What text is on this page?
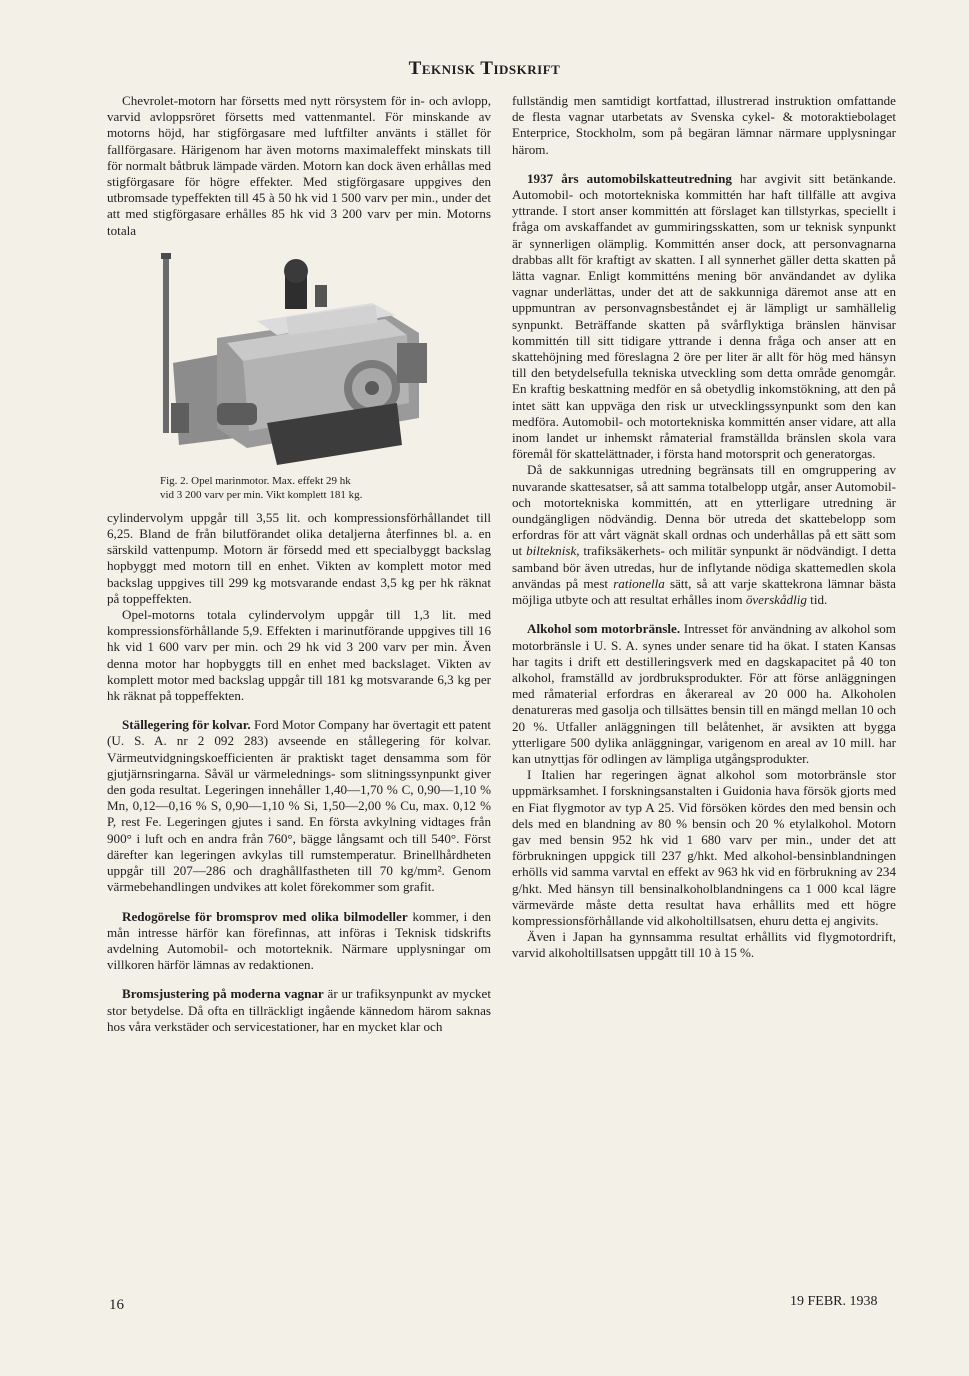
Teknisk Tidskrift

Chevrolet-motorn har försetts med nytt rörsystem för in- och avlopp, varvid avloppsröret försetts med vattenmantel. För minskande av motorns höjd, har stigförgasare med luftfilter använts i stället för fallförgasare. Härigenom har även motorns maximaleffekt minskats till för normalt båtbruk lämpade värden. Motorn kan dock även erhållas med stigförgasare för högre effekter. Med stigförgasare uppgives den utbromsade typeffekten till 45 à 50 hk vid 1 500 varv per min., under det att med stigförgasare erhålles 85 hk vid 3 200 varv per min. Motorns totala

Fig. 2. Opel marinmotor. Max. effekt 29 hk
vid 3 200 varv per min. Vikt komplett 181 kg.

cylindervolym uppgår till 3,55 lit. och kompressionsförhållandet till 6,25. Bland de från bilutförandet olika detaljerna återfinnes bl. a. en särskild vattenpump. Motorn är försedd med ett specialbyggt backslag hopbyggt med motorn till en enhet. Vikten av komplett motor med backslag uppgives till 299 kg motsvarande endast 3,5 kg per hk räknat på toppeffekten.

Opel-motorns totala cylindervolym uppgår till 1,3 lit. med kompressionsförhållande 5,9. Effekten i marinutförande uppgives till 16 hk vid 1 600 varv per min. och 29 hk vid 3 200 varv per min. Även denna motor har hopbyggts till en enhet med backslaget. Vikten av komplett motor med backslag uppgår till 181 kg motsvarande 6,3 kg per hk räknat på toppeffekten.

Ställegering för kolvar. Ford Motor Company har övertagit ett patent (U. S. A. nr 2 092 283) avseende en stållegering för kolvar. Värmeutvidgningskoefficienten är praktiskt taget densamma som för gjutjärnsringarna. Såväl ur värmelednings- som slitningssynpunkt giver den goda resultat. Legeringen innehåller 1,40—1,70 % C, 0,90—1,10 % Mn, 0,12—0,16 % S, 0,90—1,10 % Si, 1,50—2,00 % Cu, max. 0,12 % P, rest Fe. Legeringen gjutes i sand. En första avkylning vidtages från 900° i luft och en andra från 760°, bägge långsamt och till 540°. Först därefter kan legeringen avkylas till rumstemperatur. Brinellhårdheten uppgår till 207—286 och draghållfastheten till 70 kg/mm². Genom värmebehandlingen undvikes att kolet förekommer som grafit.

Redogörelse för bromsprov med olika bilmodeller kommer, i den mån intresse härför kan förefinnas, att införas i Teknisk tidskrifts avdelning Automobil- och motorteknik. Närmare upplysningar om villkoren härför lämnas av redaktionen.

Bromsjustering på moderna vagnar är ur trafiksynpunkt av mycket stor betydelse. Då ofta en tillräckligt ingående kännedom härom saknas hos våra verkstäder och servicestationer, har en mycket klar och

fullständig men samtidigt kortfattad, illustrerad instruktion omfattande de flesta vagnar utarbetats av Svenska cykel- & motoraktiebolaget Enterprice, Stockholm, som på begäran lämnar närmare upplysningar härom.

1937 års automobilskatteutredning har avgivit sitt betänkande. Automobil- och motortekniska kommittén har haft tillfälle att avgiva yttrande. I stort anser kommittén att förslaget kan tillstyrkas, speciellt i fråga om avskaffandet av gummiringsskatten, som ur teknisk synpunkt är synnerligen olämplig. Kommittén anser dock, att personvagnarna drabbas allt för kraftigt av skatten. I all synnerhet gäller detta skatten på lätta vagnar. Enligt kommitténs mening bör användandet av dylika vagnar underlättas, under det att de sakkunniga däremot anse att en uppmuntran av personvagnsbeståndet ej är lämpligt ur samhällelig synpunkt. Beträffande skatten på svårflyktiga bränslen hänvisar kommittén till sitt tidigare yttrande i denna fråga och anser att en skattehöjning med föreslagna 2 öre per liter är allt för hög med hänsyn till den betydelsefulla tekniska utveckling som detta område genomgår. En kraftig beskattning medför en så obetydlig inkomstökning, att den på intet sätt kan uppväga den risk ur utvecklingssynpunkt som den kan medföra. Automobil- och motortekniska kommittén anser vidare, att alla inom landet ur inhemskt råmaterial framställda bränslen skola vara föremål för skattelättnader, i första hand motorsprit och generatorgas.

Då de sakkunnigas utredning begränsats till en omgruppering av nuvarande skattesatser, så att samma totalbelopp utgår, anser Automobil- och motortekniska kommittén, att en ytterligare utredning är oundgängligen nödvändig. Denna bör utreda det skattebelopp som erfordras för att vårt vägnät skall ordnas och underhållas på ett sätt som ut bilteknisk, trafiksäkerhets- och militär synpunkt är nödvändigt. I detta samband bör även utredas, hur de inflytande nödiga skattemedlen skola användas på mest rationella sätt, så att varje skattekrona lämnar bästa möjliga utbyte och att resultat erhålles inom överskådlig tid.

Alkohol som motorbränsle. Intresset för användning av alkohol som motorbränsle i U. S. A. synes under senare tid ha ökat. I staten Kansas har tagits i drift ett destilleringsverk med en dagskapacitet på 40 ton alkohol, framställd av jordbruksprodukter. För att förse anläggningen med råmaterial erfordras en åkerareal av 20 000 ha. Alkoholen denatureras med gasolja och tillsättes bensin till en mängd mellan 10 och 20 %. Utfaller anläggningen till belåtenhet, är avsikten att bygga ytterligare 500 dylika anläggningar, varigenom en areal av 10 mill. har kan utnyttjas för odlingen av lämpliga utgångsprodukter.

I Italien har regeringen ägnat alkohol som motorbränsle stor uppmärksamhet. I forskningsanstalten i Guidonia hava försök gjorts med en Fiat flygmotor av typ A 25. Vid försöken kördes den med bensin och dels med en blandning av 80 % bensin och 20 % etylalkohol. Motorn gav med bensin 952 hk vid 1 680 varv per min., under det att förbrukningen uppgick till 237 g/hkt. Med alkohol-bensinblandningen erhölls vid samma varvtal en effekt av 963 hk vid en förbrukning av 234 g/hkt. Med hänsyn till bensinalkoholblandningens ca 1 000 kcal lägre värmevärde måste detta resultat hava erhållits med ett högre kompressionsförhållande vid alkoholtillsatsen, ehuru detta ej angivits.

Även i Japan ha gynnsamma resultat erhållits vid flygmotordrift, varvid alkoholtillsatsen uppgått till 10 à 15 %.

16	19 FEBR. 1938
